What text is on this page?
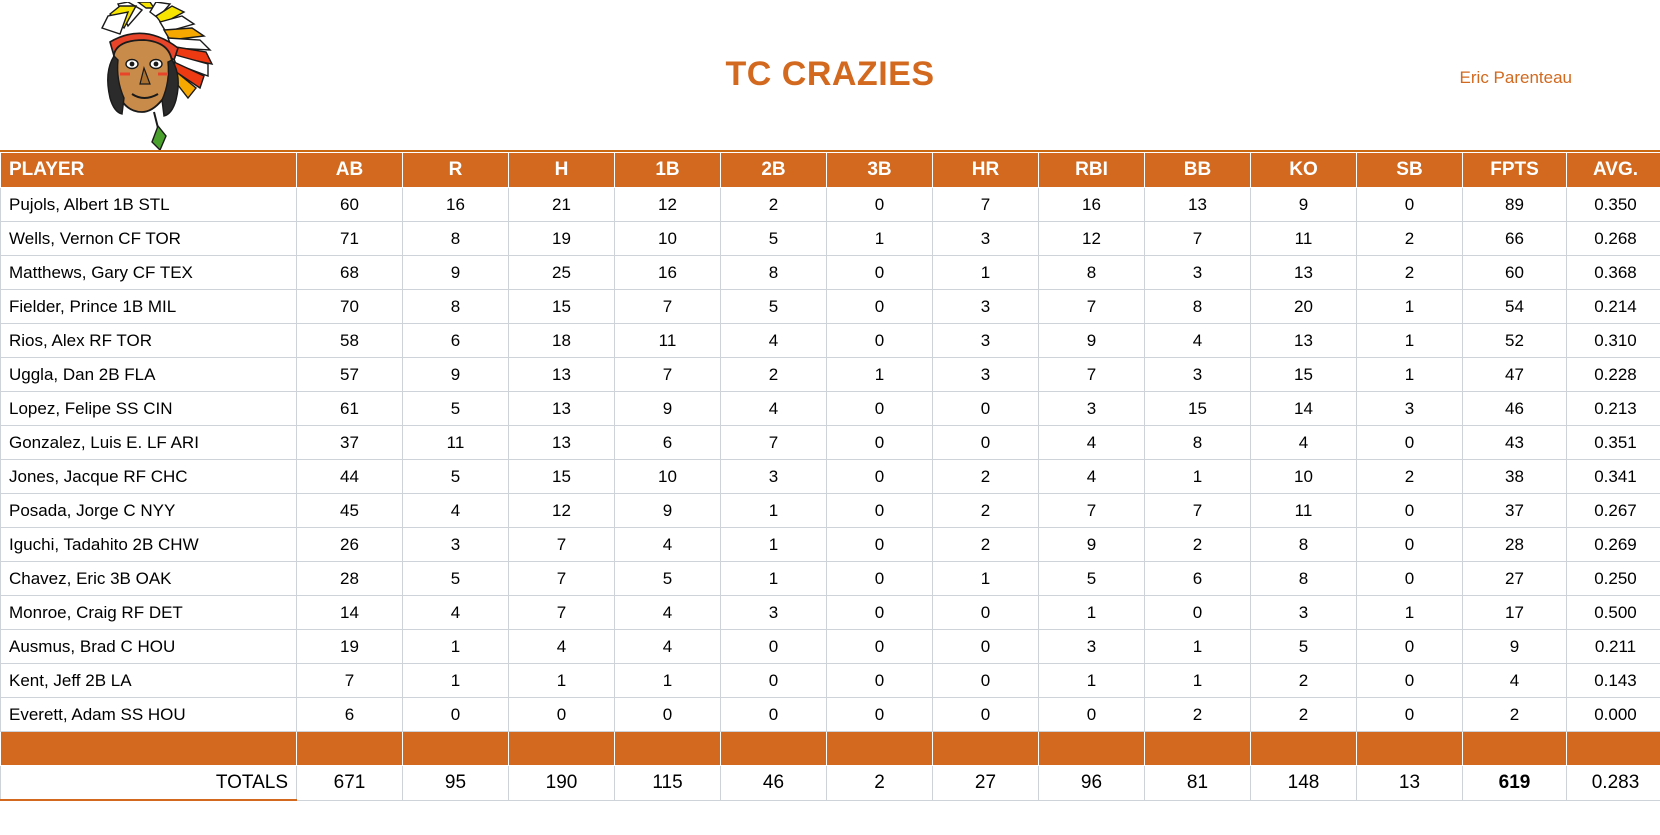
TC CRAZIES	Eric Parenteau
PLAYER	AB	R	H	1B	2B	3B	HR	RBI	BB	KO	SB	FPTS	AVG.
Pujols, Albert 1B STL	60	16	21	12	2	0	7	16	13	9	0	89	0.350
Wells, Vernon CF TOR	71	8	19	10	5	1	3	12	7	11	2	66	0.268
Matthews, Gary CF TEX	68	9	25	16	8	0	1	8	3	13	2	60	0.368
Fielder, Prince 1B MIL	70	8	15	7	5	0	3	7	8	20	1	54	0.214
Rios, Alex RF TOR	58	6	18	11	4	0	3	9	4	13	1	52	0.310
Uggla, Dan 2B FLA	57	9	13	7	2	1	3	7	3	15	1	47	0.228
Lopez, Felipe SS CIN	61	5	13	9	4	0	0	3	15	14	3	46	0.213
Gonzalez, Luis E. LF ARI	37	11	13	6	7	0	0	4	8	4	0	43	0.351
Jones, Jacque RF CHC	44	5	15	10	3	0	2	4	1	10	2	38	0.341
Posada, Jorge C NYY	45	4	12	9	1	0	2	7	7	11	0	37	0.267
Iguchi, Tadahito 2B CHW	26	3	7	4	1	0	2	9	2	8	0	28	0.269
Chavez, Eric 3B OAK	28	5	7	5	1	0	1	5	6	8	0	27	0.250
Monroe, Craig RF DET	14	4	7	4	3	0	0	1	0	3	1	17	0.500
Ausmus, Brad C HOU	19	1	4	4	0	0	0	3	1	5	0	9	0.211
Kent, Jeff 2B LA	7	1	1	1	0	0	0	1	1	2	0	4	0.143
Everett, Adam SS HOU	6	0	0	0	0	0	0	0	2	2	0	2	0.000

TOTALS	671	95	190	115	46	2	27	96	81	148	13	619	0.283
